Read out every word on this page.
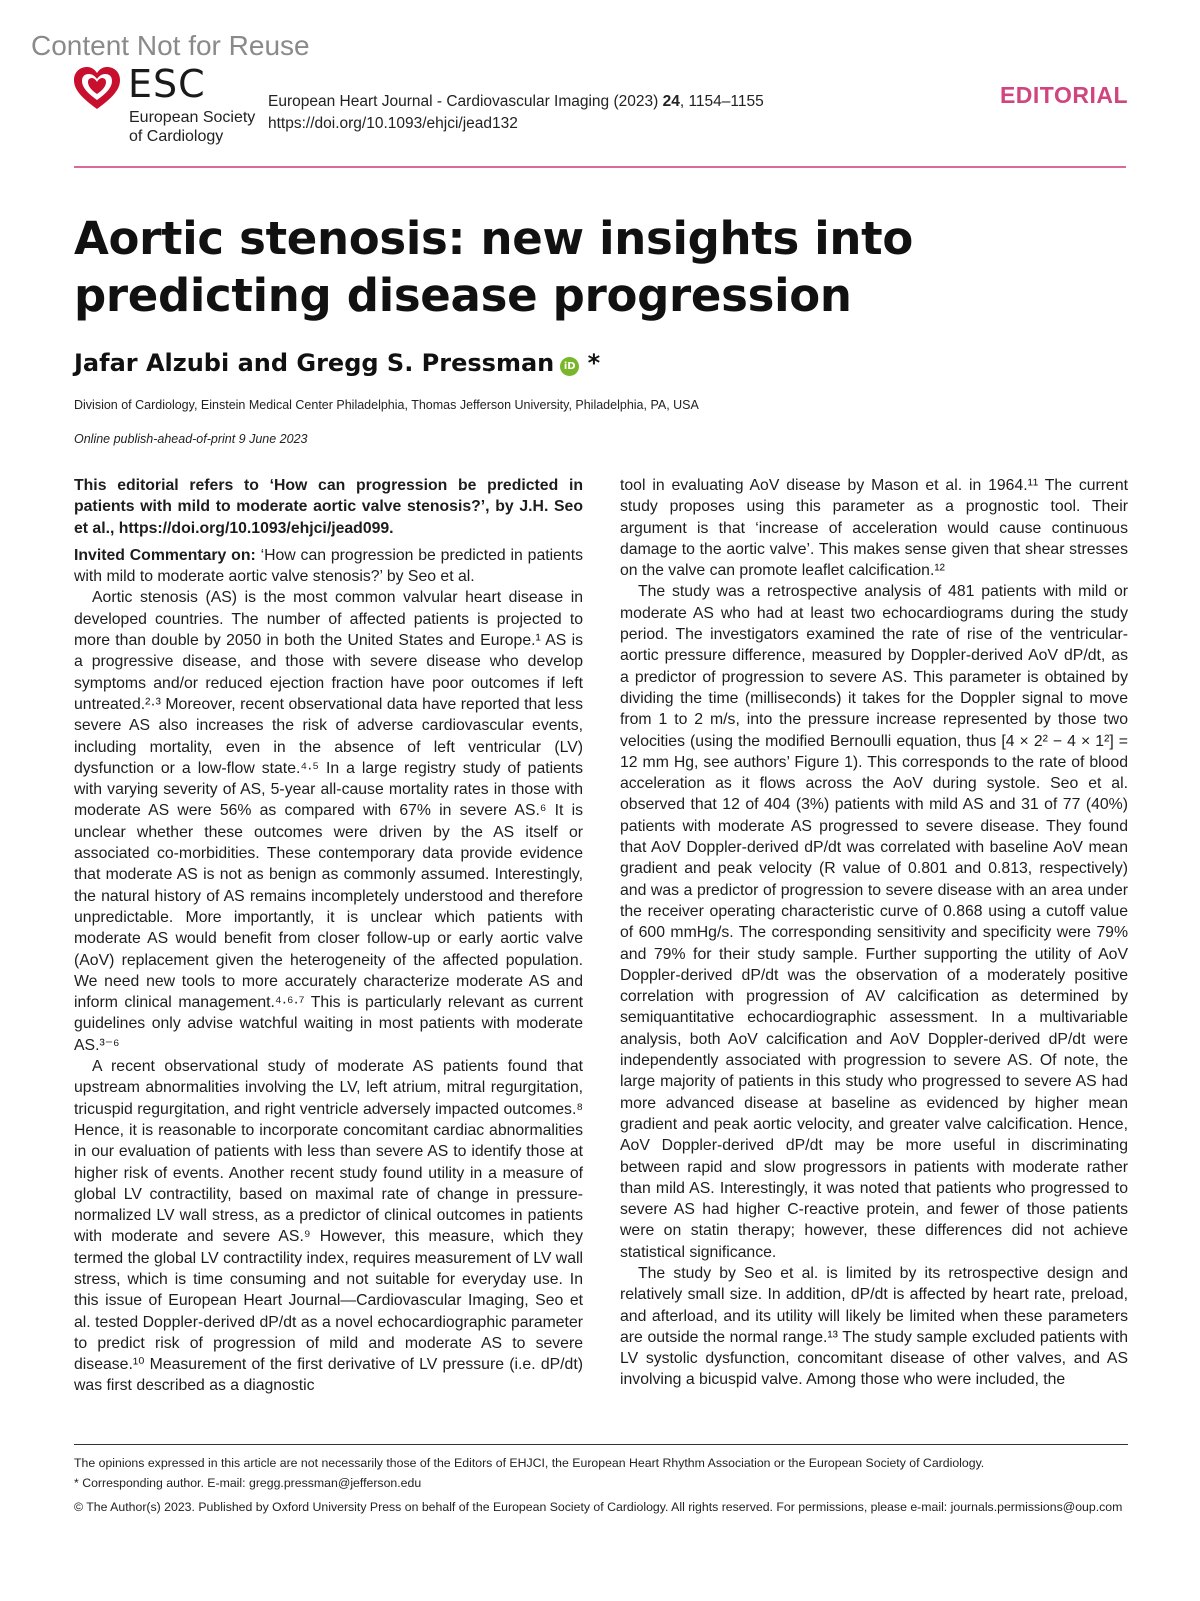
Content Not for Reuse
ESC
European Society
of Cardiology
European Heart Journal - Cardiovascular Imaging (2023) 24, 1154–1155
https://doi.org/10.1093/ehjci/jead132
EDITORIAL
Aortic stenosis: new insights into predicting disease progression
Jafar Alzubi and Gregg S. Pressman iD *
Division of Cardiology, Einstein Medical Center Philadelphia, Thomas Jefferson University, Philadelphia, PA, USA
Online publish-ahead-of-print 9 June 2023

This editorial refers to ‘How can progression be predicted in patients with mild to moderate aortic valve stenosis?’, by J.H. Seo et al., https://doi.org/10.1093/ehjci/jead099.

Invited Commentary on: ‘How can progression be predicted in patients with mild to moderate aortic valve stenosis?’ by Seo et al.

Aortic stenosis (AS) is the most common valvular heart disease in developed countries. The number of affected patients is projected to more than double by 2050 in both the United States and Europe.¹ AS is a progressive disease, and those with severe disease who develop symptoms and/or reduced ejection fraction have poor outcomes if left untreated.²·³ Moreover, recent observational data have reported that less severe AS also increases the risk of adverse cardiovascular events, including mortality, even in the absence of left ventricular (LV) dysfunction or a low-flow state.⁴·⁵ In a large registry study of patients with varying severity of AS, 5-year all-cause mortality rates in those with moderate AS were 56% as compared with 67% in severe AS.⁶ It is unclear whether these outcomes were driven by the AS itself or associated co-morbidities. These contemporary data provide evidence that moderate AS is not as benign as commonly assumed. Interestingly, the natural history of AS remains incompletely understood and therefore unpredictable. More importantly, it is unclear which patients with moderate AS would benefit from closer follow-up or early aortic valve (AoV) replacement given the heterogeneity of the affected population. We need new tools to more accurately characterize moderate AS and inform clinical management.⁴·⁶·⁷ This is particularly relevant as current guidelines only advise watchful waiting in most patients with moderate AS.³⁻⁶

A recent observational study of moderate AS patients found that upstream abnormalities involving the LV, left atrium, mitral regurgitation, tricuspid regurgitation, and right ventricle adversely impacted outcomes.⁸ Hence, it is reasonable to incorporate concomitant cardiac abnormalities in our evaluation of patients with less than severe AS to identify those at higher risk of events. Another recent study found utility in a measure of global LV contractility, based on maximal rate of change in pressure-normalized LV wall stress, as a predictor of clinical outcomes in patients with moderate and severe AS.⁹ However, this measure, which they termed the global LV contractility index, requires measurement of LV wall stress, which is time consuming and not suitable for everyday use. In this issue of European Heart Journal—Cardiovascular Imaging, Seo et al. tested Doppler-derived dP/dt as a novel echocardiographic parameter to predict risk of progression of mild and moderate AS to severe disease.¹⁰ Measurement of the first derivative of LV pressure (i.e. dP/dt) was first described as a diagnostic

tool in evaluating AoV disease by Mason et al. in 1964.¹¹ The current study proposes using this parameter as a prognostic tool. Their argument is that ‘increase of acceleration would cause continuous damage to the aortic valve’. This makes sense given that shear stresses on the valve can promote leaflet calcification.¹²

The study was a retrospective analysis of 481 patients with mild or moderate AS who had at least two echocardiograms during the study period. The investigators examined the rate of rise of the ventricular-aortic pressure difference, measured by Doppler-derived AoV dP/dt, as a predictor of progression to severe AS. This parameter is obtained by dividing the time (milliseconds) it takes for the Doppler signal to move from 1 to 2 m/s, into the pressure increase represented by those two velocities (using the modified Bernoulli equation, thus [4 × 2² − 4 × 1²] = 12 mm Hg, see authors’ Figure 1). This corresponds to the rate of blood acceleration as it flows across the AoV during systole. Seo et al. observed that 12 of 404 (3%) patients with mild AS and 31 of 77 (40%) patients with moderate AS progressed to severe disease. They found that AoV Doppler-derived dP/dt was correlated with baseline AoV mean gradient and peak velocity (R value of 0.801 and 0.813, respectively) and was a predictor of progression to severe disease with an area under the receiver operating characteristic curve of 0.868 using a cutoff value of 600 mmHg/s. The corresponding sensitivity and specificity were 79% and 79% for their study sample. Further supporting the utility of AoV Doppler-derived dP/dt was the observation of a moderately positive correlation with progression of AV calcification as determined by semiquantitative echocardiographic assessment. In a multivariable analysis, both AoV calcification and AoV Doppler-derived dP/dt were independently associated with progression to severe AS. Of note, the large majority of patients in this study who progressed to severe AS had more advanced disease at baseline as evidenced by higher mean gradient and peak aortic velocity, and greater valve calcification. Hence, AoV Doppler-derived dP/dt may be more useful in discriminating between rapid and slow progressors in patients with moderate rather than mild AS. Interestingly, it was noted that patients who progressed to severe AS had higher C-reactive protein, and fewer of those patients were on statin therapy; however, these differences did not achieve statistical significance.

The study by Seo et al. is limited by its retrospective design and relatively small size. In addition, dP/dt is affected by heart rate, preload, and afterload, and its utility will likely be limited when these parameters are outside the normal range.¹³ The study sample excluded patients with LV systolic dysfunction, concomitant disease of other valves, and AS involving a bicuspid valve. Among those who were included, the

The opinions expressed in this article are not necessarily those of the Editors of EHJCI, the European Heart Rhythm Association or the European Society of Cardiology.
* Corresponding author. E-mail: gregg.pressman@jefferson.edu
© The Author(s) 2023. Published by Oxford University Press on behalf of the European Society of Cardiology. All rights reserved. For permissions, please e-mail: journals.permissions@oup.com
